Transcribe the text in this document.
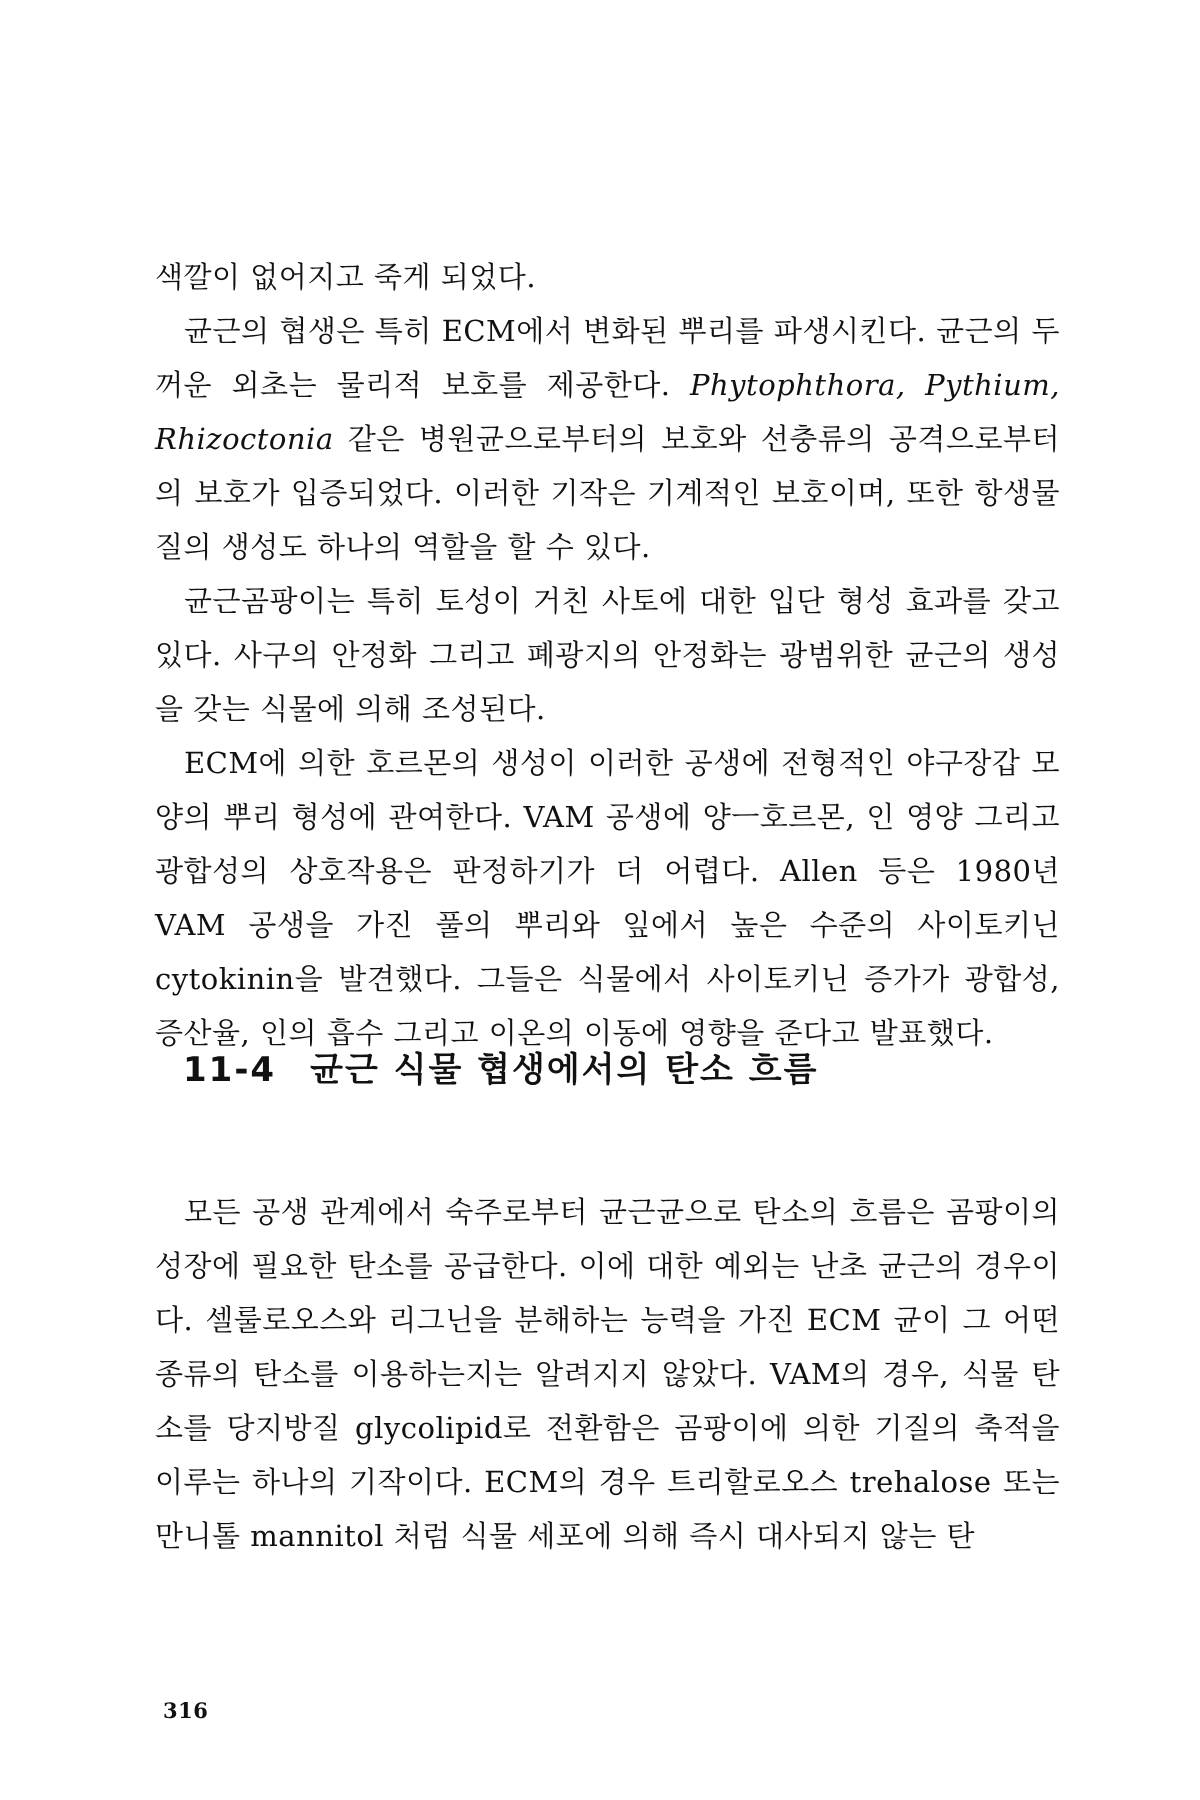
색깔이 없어지고 죽게 되었다.

균근의 협생은 특히 ECM에서 변화된 뿌리를 파생시킨다. 균근의 두꺼운 외초는 물리적 보호를 제공한다. Phytophthora, Pythium, Rhizoctonia 같은 병원균으로부터의 보호와 선충류의 공격으로부터의 보호가 입증되었다. 이러한 기작은 기계적인 보호이며, 또한 항생물질의 생성도 하나의 역할을 할 수 있다.

균근곰팡이는 특히 토성이 거친 사토에 대한 입단 형성 효과를 갖고 있다. 사구의 안정화 그리고 폐광지의 안정화는 광범위한 균근의 생성을 갖는 식물에 의해 조성된다.

ECM에 의한 호르몬의 생성이 이러한 공생에 전형적인 야구장갑 모양의 뿌리 형성에 관여한다. VAM 공생에 양ㅡ호르몬, 인 영양 그리고 광합성의 상호작용은 판정하기가 더 어렵다. Allen 등은 1980년 VAM 공생을 가진 풀의 뿌리와 잎에서 높은 수준의 사이토키닌 cytokinin을 발견했다. 그들은 식물에서 사이토키닌 증가가 광합성, 증산율, 인의 흡수 그리고 이온의 이동에 영향을 준다고 발표했다.

11-4 균근 식물 협생에서의 탄소 흐름

모든 공생 관계에서 숙주로부터 균근균으로 탄소의 흐름은 곰팡이의 성장에 필요한 탄소를 공급한다. 이에 대한 예외는 난초 균근의 경우이다. 셀룰로오스와 리그닌을 분해하는 능력을 가진 ECM 균이 그 어떤 종류의 탄소를 이용하는지는 알려지지 않았다. VAM의 경우, 식물 탄소를 당지방질 glycolipid로 전환함은 곰팡이에 의한 기질의 축적을 이루는 하나의 기작이다. ECM의 경우 트리할로오스 trehalose 또는 만니톨 mannitol 처럼 식물 세포에 의해 즉시 대사되지 않는 탄

316
